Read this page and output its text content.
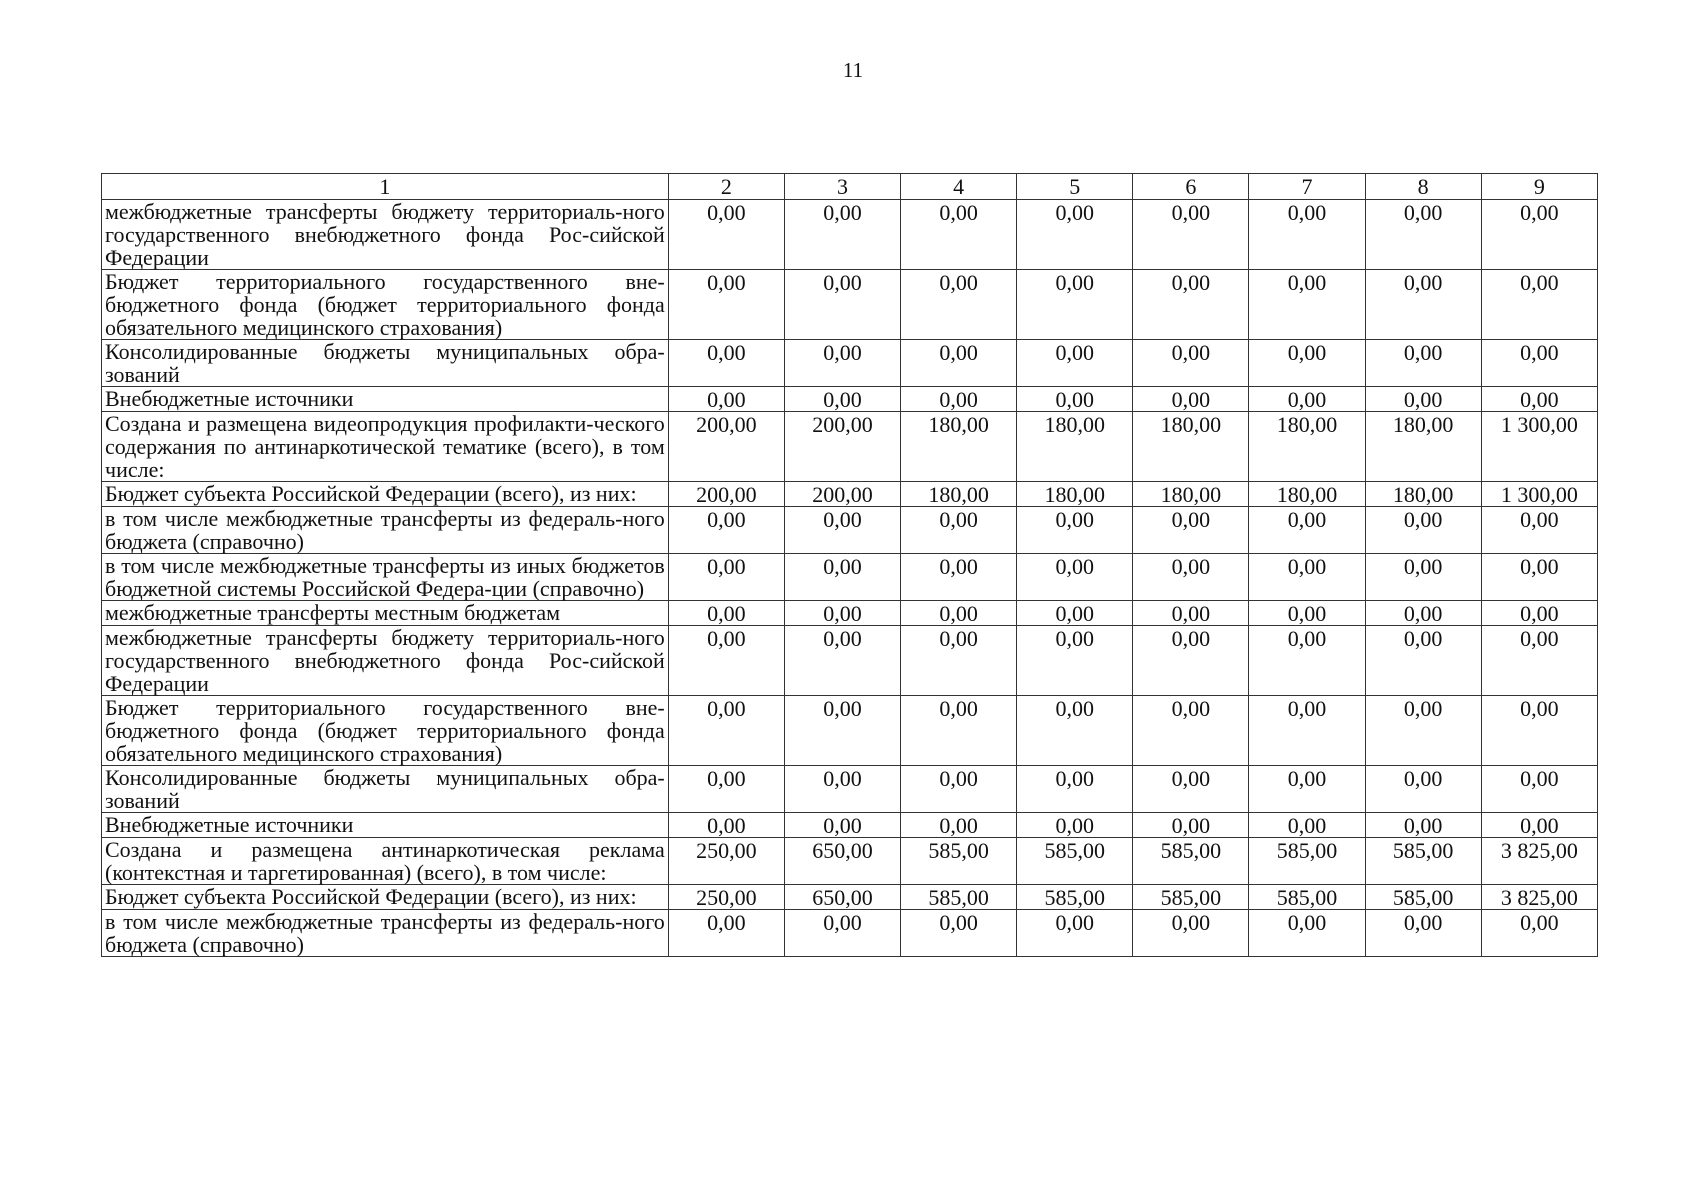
11
1	2	3	4	5	6	7	8	9
межбюджетные трансферты бюджету территориаль-ного государственного внебюджетного фонда Рос-сийской Федерации	0,00	0,00	0,00	0,00	0,00	0,00	0,00	0,00
Бюджет территориального государственного вне-бюджетного фонда (бюджет территориального фонда обязательного медицинского страхования)	0,00	0,00	0,00	0,00	0,00	0,00	0,00	0,00
Консолидированные бюджеты муниципальных обра-зований	0,00	0,00	0,00	0,00	0,00	0,00	0,00	0,00
Внебюджетные источники	0,00	0,00	0,00	0,00	0,00	0,00	0,00	0,00
Создана и размещена видеопродукция профилакти-ческого содержания по антинаркотической тематике (всего), в том числе:	200,00	200,00	180,00	180,00	180,00	180,00	180,00	1 300,00
Бюджет субъекта Российской Федерации (всего), из них:	200,00	200,00	180,00	180,00	180,00	180,00	180,00	1 300,00
в том числе межбюджетные трансферты из федераль-ного бюджета (справочно)	0,00	0,00	0,00	0,00	0,00	0,00	0,00	0,00
в том числе межбюджетные трансферты из иных бюджетов бюджетной системы Российской Федера-ции (справочно)	0,00	0,00	0,00	0,00	0,00	0,00	0,00	0,00
межбюджетные трансферты местным бюджетам	0,00	0,00	0,00	0,00	0,00	0,00	0,00	0,00
межбюджетные трансферты бюджету территориаль-ного государственного внебюджетного фонда Рос-сийской Федерации	0,00	0,00	0,00	0,00	0,00	0,00	0,00	0,00
Бюджет территориального государственного вне-бюджетного фонда (бюджет территориального фонда обязательного медицинского страхования)	0,00	0,00	0,00	0,00	0,00	0,00	0,00	0,00
Консолидированные бюджеты муниципальных обра-зований	0,00	0,00	0,00	0,00	0,00	0,00	0,00	0,00
Внебюджетные источники	0,00	0,00	0,00	0,00	0,00	0,00	0,00	0,00
Создана и размещена антинаркотическая реклама (контекстная и таргетированная) (всего), в том числе:	250,00	650,00	585,00	585,00	585,00	585,00	585,00	3 825,00
Бюджет субъекта Российской Федерации (всего), из них:	250,00	650,00	585,00	585,00	585,00	585,00	585,00	3 825,00
в том числе межбюджетные трансферты из федераль-ного бюджета (справочно)	0,00	0,00	0,00	0,00	0,00	0,00	0,00	0,00
